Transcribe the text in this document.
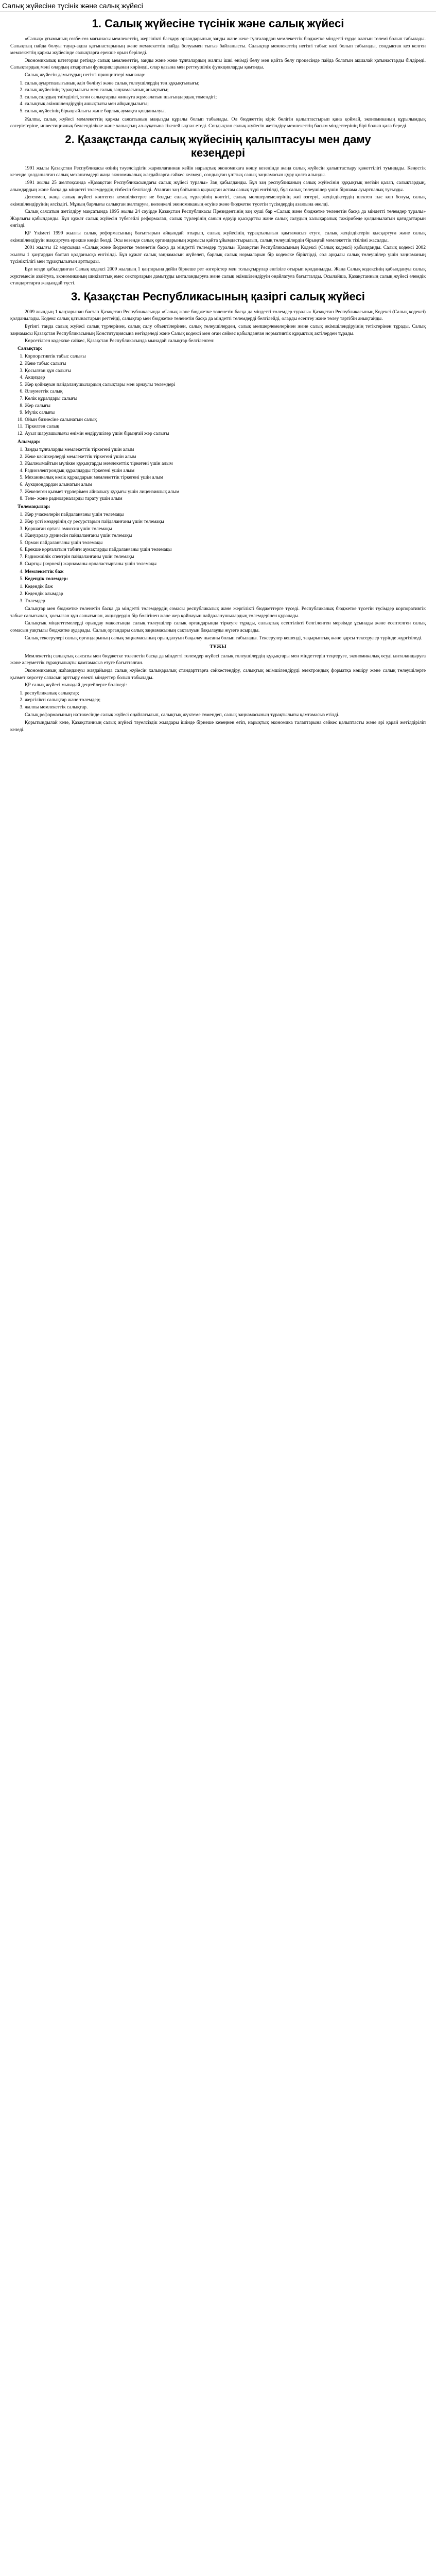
Салық жүйесіне түсінік және салық жүйесі
1. Салық жүйесіне түсінік және салық жүйесі

«Салық» ұғымының сөзбе-сөз мағынасы мемлекеттің, жергілікті басқару органдарының заңды және жеке тұлғалардан мемлекеттік бюджетке міндетті түрде алатын төлемі болып табылады. Салықтың пайда болуы тауар-ақша қатынастарының және мемлекеттің пайда болуымен тығыз байланысты. Салықтар мемлекеттің негізгі табыс көзі болып табылады, сондықтан кез келген мемлекеттің қаржы жүйесінде салықтарға ерекше орын беріледі.

Экономикалық категория ретінде салық мемлекеттің, заңды және жеке тұлғалардың жалпы ішкі өнімді бөлу мен қайта бөлу процесінде пайда болатын ақшалай қатынастарды білдіреді. Салықтардың мәні олардың атқаратын функцияларынан көрінеді, олар қазына мен реттеушілік функцияларды қамтиды.

Салық жүйесін дамытудың негізгі принциптері мыналар:

1. салық ауыртпалығының әділ бөлінуі және салық төлеушілердің тең құқықтылығы;
2. салық жүйесінің тұрақтылығы мен салық заңнамасының анықтығы;
3. салық салудың тиімділігі, яғни салықтарды жинауға жұмсалатын шығындардың төмендігі;
4. салықтық әкімшілендірудің ашықтығы мен айқындылығы;
5. салық жүйесінің бірыңғайлығы және барлық аумақта қолданылуы.

Жалпы, салық жүйесі мемлекеттің қаржы саясатының маңызды құралы болып табылады. Ол бюджеттің кіріс бөлігін қалыптастырып қана қоймай, экономиканың құрылымдық өзгерістеріне, инвестициялық белсенділікке және халықтың әл-ауқатына тікелей ықпал етеді. Сондықтан салық жүйесін жетілдіру мемлекеттің басым міндеттерінің бірі болып қала береді.

2. Қазақстанда салық жүйесінің қалыптасуы мен даму кезеңдері

1991 жылы Қазақстан Республикасы өзінің тәуелсіздігін жариялағаннан кейін нарықтық экономикаға көшу кезеңінде жаңа салық жүйесін қалыптастыру қажеттілігі туындады. Кеңестік кезеңде қолданылған салық механизмдері жаңа экономикалық жағдайларға сәйкес келмеді, сондықтан ұлттық салық заңнамасын құру қолға алынды.

1991 жылы 25 желтоқсанда «Қазақстан Республикасындағы салық жүйесі туралы» Заң қабылданды. Бұл заң республиканың салық жүйесінің құқықтық негізін қалап, салықтардың, алымдардың және басқа да міндетті төлемдердің тізбесін белгіледі. Аталған заң бойынша қырықтан астам салық түрі енгізілді, бұл салық төлеушілер үшін біршама ауыртпалық туғызды.

Дегенмен, жаңа салық жүйесі көптеген кемшіліктерге ие болды: салық түрлерінің көптігі, салық мөлшерлемелерінің жиі өзгеруі, жеңілдіктердің шектен тыс көп болуы, салық әкімшілендіруінің әлсіздігі. Мұның барлығы салықтан жалтаруға, көлеңкелі экономиканың өсуіне және бюджетке түсетін түсімдердің азаюына әкелді.

Салық саясатын жетілдіру мақсатында 1995 жылы 24 сәуірде Қазақстан Республикасы Президентінің заң күші бар «Салық және бюджетке төленетін басқа да міндетті төлемдер туралы» Жарлығы қабылданды. Бұл құжат салық жүйесін түбегейлі реформалап, салық түрлерінің санын едәуір қысқартты және салық салудың халықаралық тәжірибеде қолданылатын қағидаттарын енгізді.

ҚР Үкіметі 1999 жылғы салық реформасының бағыттарын айқындай отырып, салық жүйесінің тұрақтылығын қамтамасыз етуге, салық жеңілдіктерін қысқартуға және салық әкімшілендіруін жақсартуға ерекше көңіл бөлді. Осы кезеңде салық органдарының жұмысы қайта ұйымдастырылып, салық төлеушілердің бірыңғай мемлекеттік тізілімі жасалды.

2001 жылғы 12 маусымда «Салық және бюджетке төленетін басқа да міндетті төлемдер туралы» Қазақстан Республикасының Кодексі (Салық кодексі) қабылданды. Салық кодексі 2002 жылғы 1 қаңтардан бастап қолданысқа енгізілді. Бұл құжат салық заңнамасын жүйелеп, барлық салық нормаларын бір кодекске біріктірді, сол арқылы салық төлеушілер үшін заңнаманың түсініктілігі мен тұрақтылығын арттырды.

Бұл кезде қабылданған Салық кодексі 2009 жылдың 1 қаңтарына дейін бірнеше рет өзгерістер мен толықтырулар енгізіле отырып қолданылды. Жаңа Салық кодексінің қабылдануы салық жүктемесін азайтуға, экономиканың шикізаттық емес секторларын дамытуды ынталандыруға және салық әкімшілендіруін оңайлатуға бағытталды. Осылайша, Қазақстанның салық жүйесі әлемдік стандарттарға жақындай түсті.

3. Қазақстан Республикасының қазіргі салық жүйесі

2009 жылдың 1 қаңтарынан бастап Қазақстан Республикасында «Салық және бюджетке төленетін басқа да міндетті төлемдер туралы» Қазақстан Республикасының Кодексі (Салық кодексі) қолданылады. Кодекс салық қатынастарын реттейді, салықтар мен бюджетке төленетін басқа да міндетті төлемдерді белгілейді, оларды есептеу және төлеу тәртібін анықтайды.

Бүгінгі таңда салық жүйесі салық түрлерінен, салық салу объектілерінен, салық төлеушілерден, салық мөлшерлемелерінен және салық әкімшілендіруінің тетіктерінен тұрады. Салық заңнамасы Қазақстан Республикасының Конституциясына негізделеді және Салық кодексі мен оған сәйкес қабылданған нормативтік құқықтық актілерден тұрады.

Көрсетілген кодекске сәйкес, Қазақстан Республикасында мынадай салықтар белгіленген:

Салықтар:
1. Корпоративтік табыс салығы
2. Жеке табыс салығы
3. Қосылған құн салығы
4. Акциздер
5. Жер қойнауын пайдаланушылардың салықтары мен арнаулы төлемдері
6. Әлеуметтік салық
7. Көлік құралдары салығы
8. Жер салығы
9. Мүлік салығы
10. Ойын бизнесіне салынатын салық
11. Тіркелген салық
12. Ауыл шаруашылығы өнімін өндірушілер үшін бірыңғай жер салығы
Алымдар:
1. Заңды тұлғаларды мемлекеттік тіркегені үшін алым
2. Жеке кәсіпкерлерді мемлекеттік тіркегені үшін алым
3. Жылжымайтын мүлікке құқықтарды мемлекеттік тіркегені үшін алым
4. Радиоэлектрондық құралдарды тіркегені үшін алым
5. Механикалық көлік құралдарын мемлекеттік тіркегені үшін алым
6. Аукциондардан алынатын алым
7. Жекелеген қызмет түрлерімен айналысу құқығы үшін лицензиялық алым
8. Теле- және радиоарналарды тарату үшін алым
Төлемақылар:
1. Жер учаскелерін пайдаланғаны үшін төлемақы
2. Жер үсті көздерінің су ресурстарын пайдаланғаны үшін төлемақы
3. Қоршаған ортаға эмиссия үшін төлемақы
4. Жануарлар дүниесін пайдаланғаны үшін төлемақы
5. Орман пайдаланғаны үшін төлемақы
6. Ерекше қорғалатын табиғи аумақтарды пайдаланғаны үшін төлемақы
7. Радиожиілік спектрін пайдаланғаны үшін төлемақы
8. Сыртқы (көрнекі) жарнаманы орналастырғаны үшін төлемақы
4. Мемлекеттік баж
5. Кедендік төлемдер:
1. Кедендік баж
2. Кедендік алымдар
3. Төлемдер

Салықтар мен бюджетке төленетін басқа да міндетті төлемдердің сомасы республикалық және жергілікті бюджеттерге түседі. Республикалық бюджетке түсетін түсімдер корпоративтік табыс салығынан, қосылған құн салығынан, акциздердің бір бөлігінен және жер қойнауын пайдаланушылардың төлемдерінен құралады.

Салықтық міндеттемелерді орындау мақсатында салық төлеушілер салық органдарында тіркеуге тұрады, салықтық есептілікті белгіленген мерзімде ұсынады және есептелген салық сомасын уақтылы бюджетке аударады. Салық органдары салық заңнамасының сақталуын бақылауды жүзеге асырады.

Салық тексерулері салық органдарының салық заңнамасының орындалуын бақылау нысаны болып табылады. Тексерулер кешенді, тақырыптық және қарсы тексерулер түрінде жүргізіледі.

ТҰЖЫ

Мемлекеттің салықтық саясаты мен бюджетке төленетін басқа да міндетті төлемдер жүйесі салық төлеушілердің құқықтары мен міндеттерін теңгеруге, экономикалық өсуді ынталандыруға және әлеуметтік тұрақтылықты қамтамасыз етуге бағытталған.

Экономиканың жаһандануы жағдайында салық жүйесін халықаралық стандарттарға сәйкестендіру, салықтық әкімшілендіруді электрондық форматқа көшіру және салық төлеушілерге қызмет көрсету сапасын арттыру өзекті міндеттер болып табылады.

ҚР салық жүйесі мынадай деңгейлерге бөлінеді:

1. республикалық салықтар;
2. жергілікті салықтар және төлемдер;
3. жалпы мемлекеттік салықтар.

Салық реформасының нәтижесінде салық жүйесі оңайлатылып, салықтық жүктеме төмендеп, салық заңнамасының тұрақтылығы қамтамасыз етілді.

Қорытындылай келе, Қазақстанның салық жүйесі тәуелсіздік жылдары ішінде бірнеше кезеңнен өтіп, нарықтық экономика талаптарына сәйкес қалыптасты және әрі қарай жетілдіріліп келеді.
